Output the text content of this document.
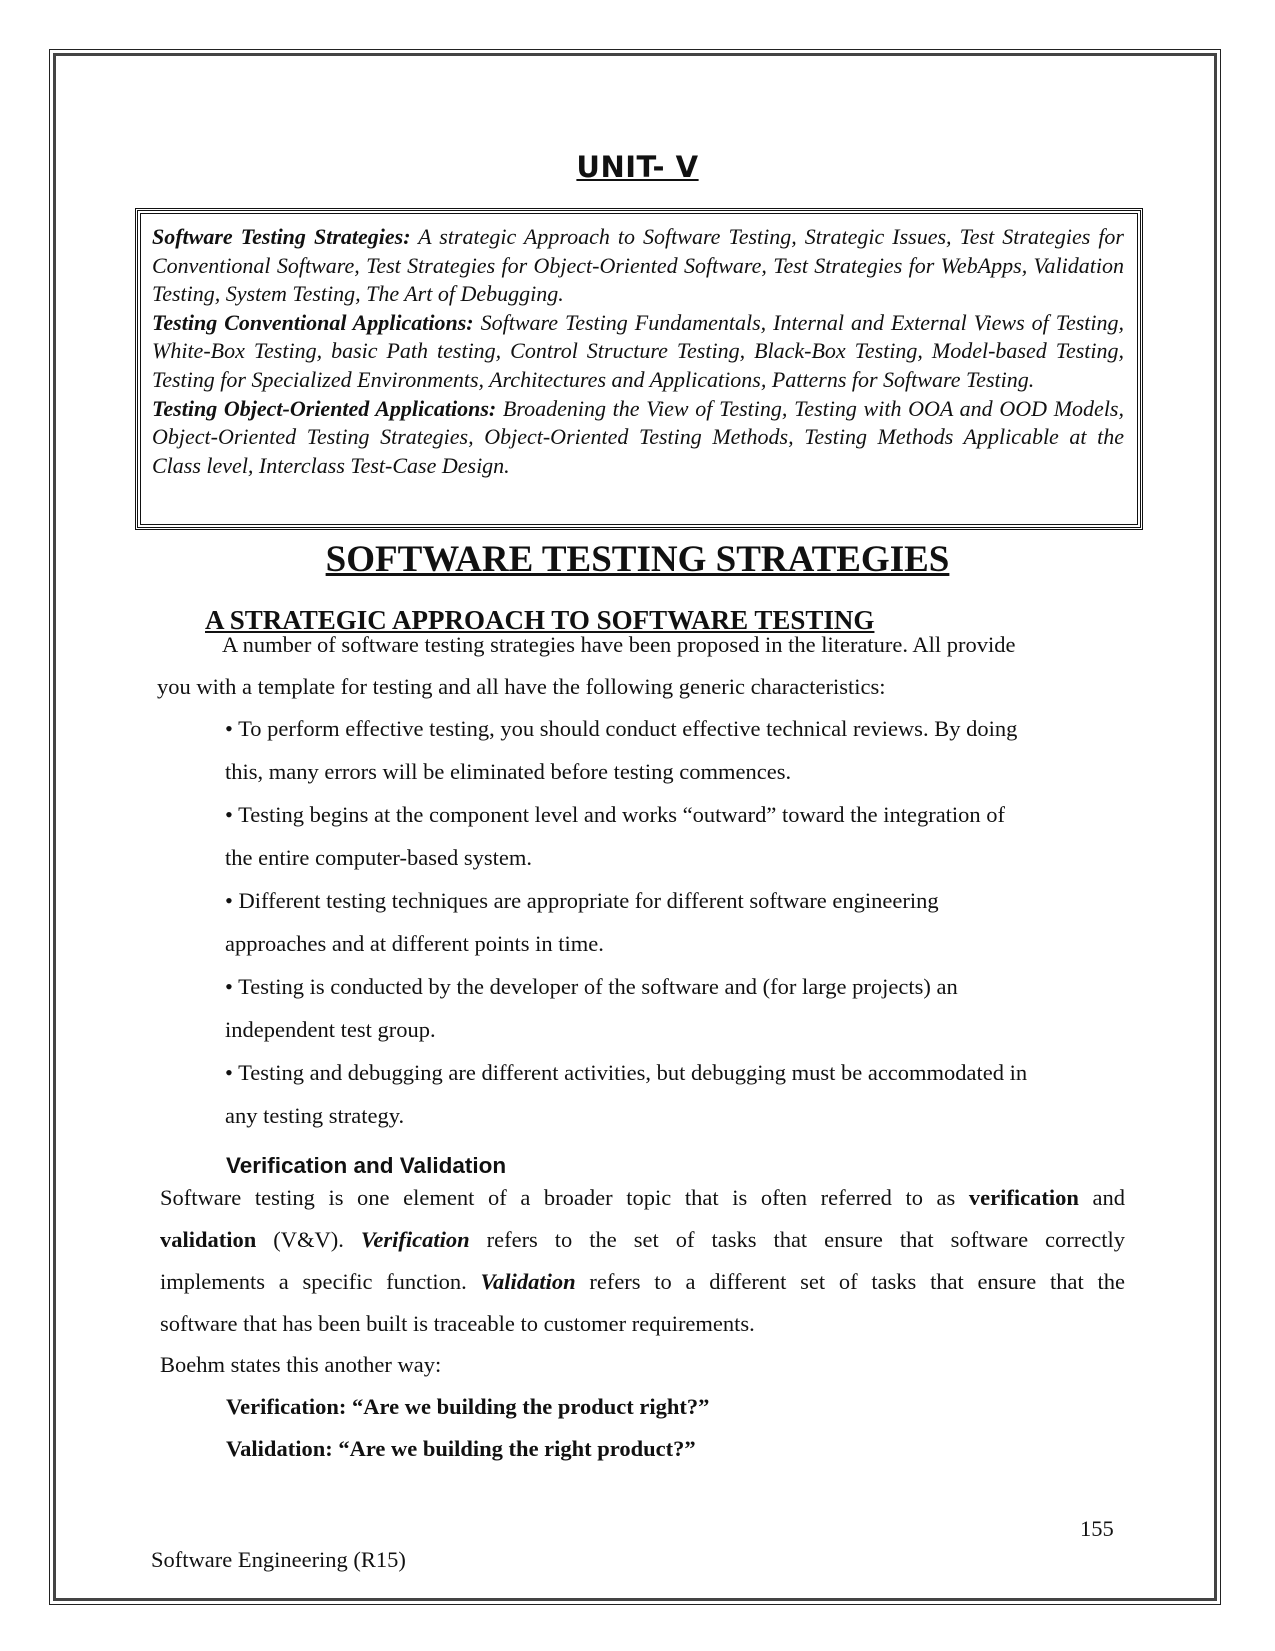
UNIT- V

Software Testing Strategies: A strategic Approach to Software Testing, Strategic Issues, Test Strategies for Conventional Software, Test Strategies for Object-Oriented Software, Test Strategies for WebApps, Validation Testing, System Testing, The Art of Debugging.

Testing Conventional Applications: Software Testing Fundamentals, Internal and External Views of Testing, White-Box Testing, basic Path testing, Control Structure Testing, Black-Box Testing, Model-based Testing, Testing for Specialized Environments, Architectures and Applications, Patterns for Software Testing.

Testing Object-Oriented Applications: Broadening the View of Testing, Testing with OOA and OOD Models, Object-Oriented Testing Strategies, Object-Oriented Testing Methods, Testing Methods Applicable at the Class level, Interclass Test-Case Design.

SOFTWARE TESTING STRATEGIES
A STRATEGIC APPROACH TO SOFTWARE TESTING
A number of software testing strategies have been proposed in the literature. All provide
you with a template for testing and all have the following generic characteristics:
• To perform effective testing, you should conduct effective technical reviews. By doing
this, many errors will be eliminated before testing commences.
• Testing begins at the component level and works “outward” toward the integration of
the entire computer-based system.
• Different testing techniques are appropriate for different software engineering
approaches and at different points in time.
• Testing is conducted by the developer of the software and (for large projects) an
independent test group.
• Testing and debugging are different activities, but debugging must be accommodated in
any testing strategy.
Verification and Validation
Software testing is one element of a broader topic that is often referred to as verification and
validation (V&V). Verification refers to the set of tasks that ensure that software correctly
implements a specific function. Validation refers to a different set of tasks that ensure that the
software that has been built is traceable to customer requirements.
Boehm states this another way:
Verification: “Are we building the product right?”
Validation: “Are we building the right product?”
155
Software Engineering (R15)
